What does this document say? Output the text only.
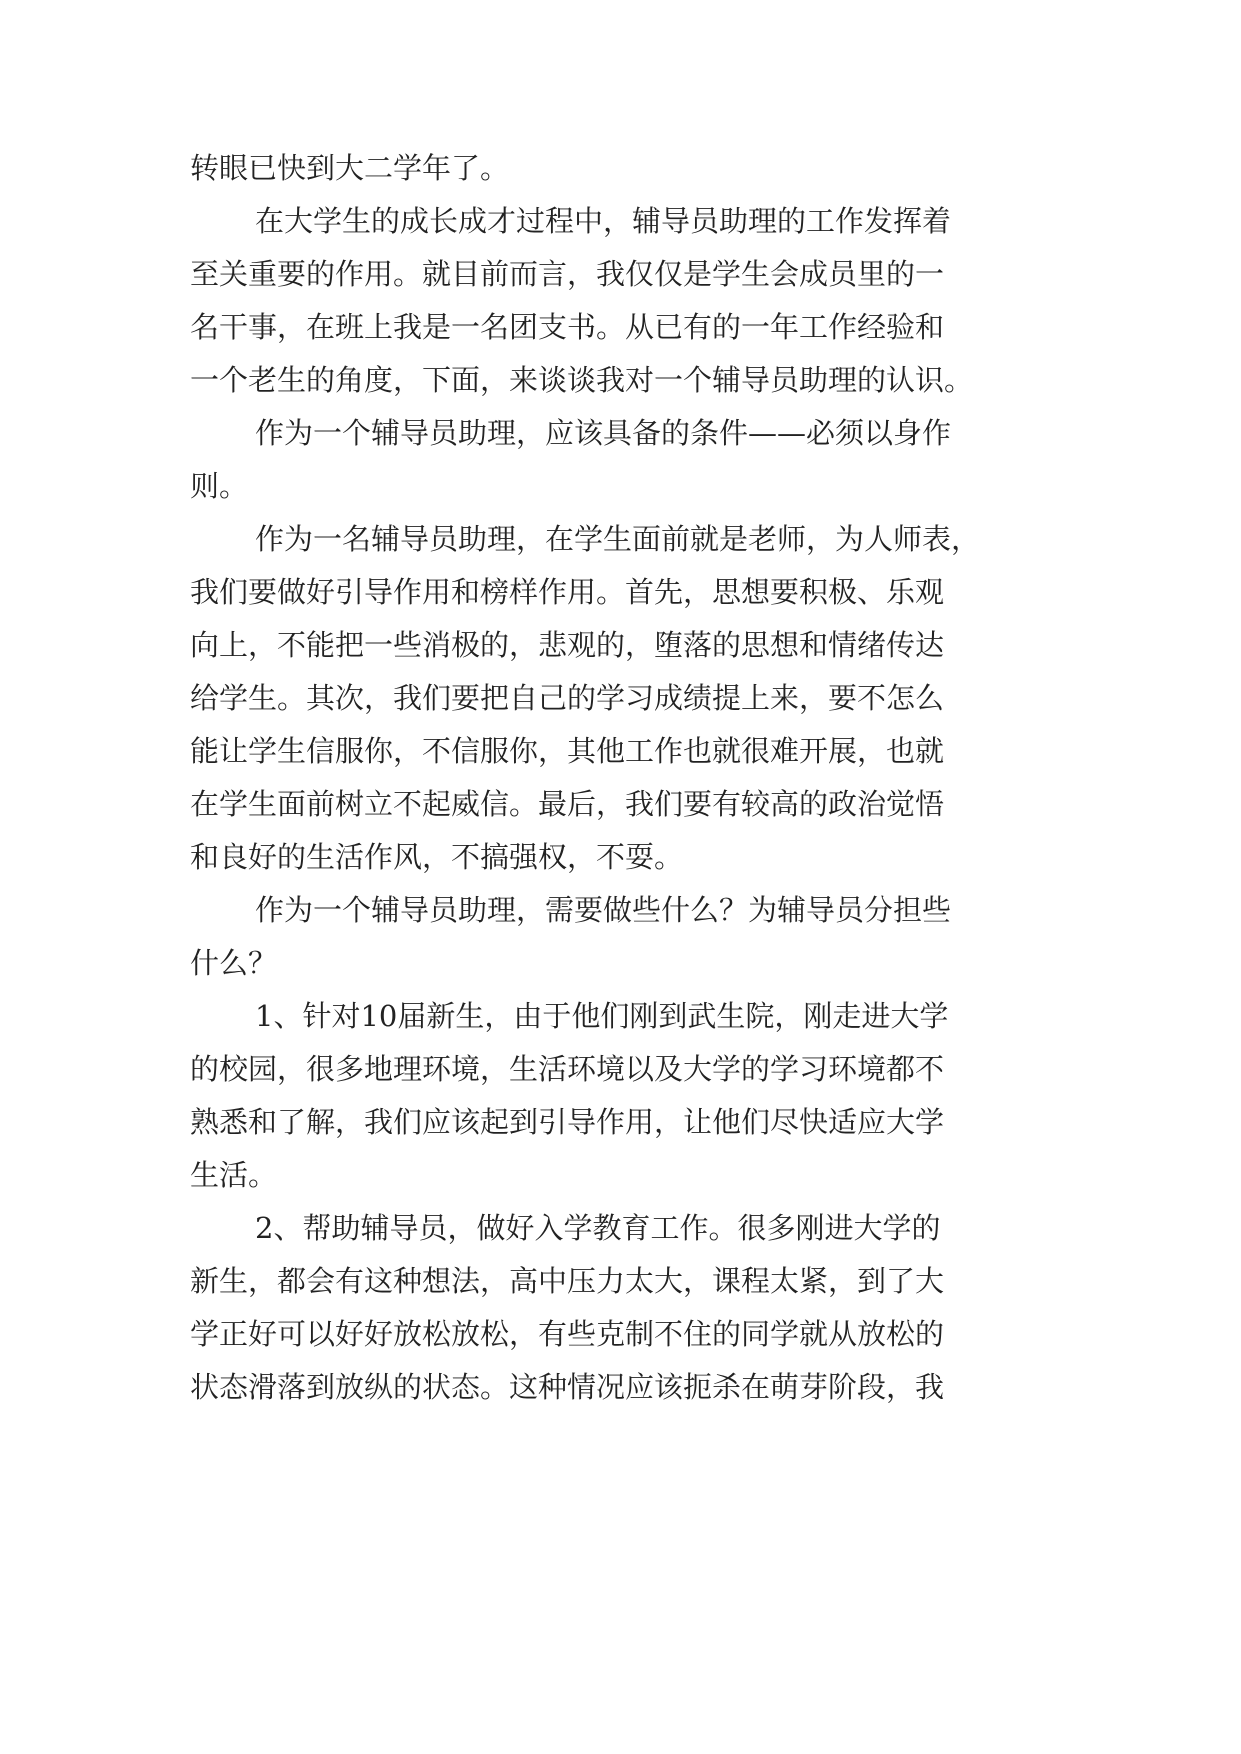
转眼已快到大二学年了。
在大学生的成长成才过程中，辅导员助理的工作发挥着
至关重要的作用。就目前而言，我仅仅是学生会成员里的一
名干事，在班上我是一名团支书。从已有的一年工作经验和
一个老生的角度，下面，来谈谈我对一个辅导员助理的认识。
作为一个辅导员助理，应该具备的条件——必须以身作
则。
作为一名辅导员助理，在学生面前就是老师，为人师表，
我们要做好引导作用和榜样作用。首先，思想要积极、乐观
向上，不能把一些消极的，悲观的，堕落的思想和情绪传达
给学生。其次，我们要把自己的学习成绩提上来，要不怎么
能让学生信服你，不信服你，其他工作也就很难开展，也就
在学生面前树立不起威信。最后，我们要有较高的政治觉悟
和良好的生活作风，不搞强权，不耍。
作为一个辅导员助理，需要做些什么？为辅导员分担些
什么？
1、针对10届新生，由于他们刚到武生院，刚走进大学
的校园，很多地理环境，生活环境以及大学的学习环境都不
熟悉和了解，我们应该起到引导作用，让他们尽快适应大学
生活。
2、帮助辅导员，做好入学教育工作。很多刚进大学的
新生，都会有这种想法，高中压力太大，课程太紧，到了大
学正好可以好好放松放松，有些克制不住的同学就从放松的
状态滑落到放纵的状态。这种情况应该扼杀在萌芽阶段，我
